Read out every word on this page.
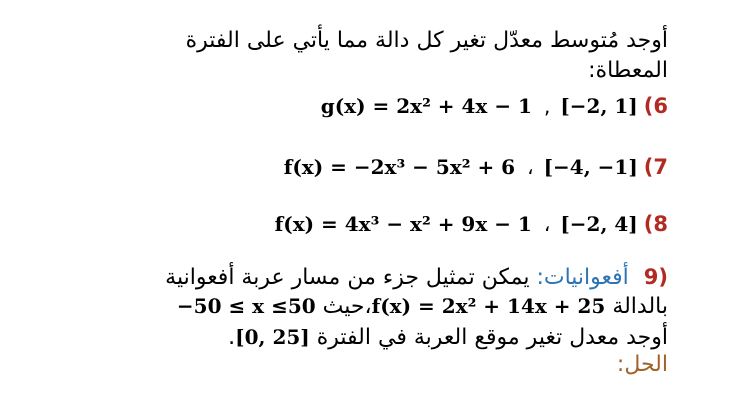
أوجد مُتوسط معدّل تغير كل دالة مما يأتي على الفترة
المعطاة:
g(x) = 2x² + 4x − 1 , [−2, 1] (6
f(x) = −2x³ − 5x² + 6 ، [−4, −1] (7
f(x) = 4x³ − x² + 9x − 1 ، [−2, 4] (8
(9 أفعوانيات: يمكن تمثيل جزء من مسار عربة أفعوانية
بالدالة f(x) = 2x² + 14x + 25،حيث −50 ≤ x ≤50
أوجد معدل تغير موقع العربة في الفترة [0, 25].
الحل:
